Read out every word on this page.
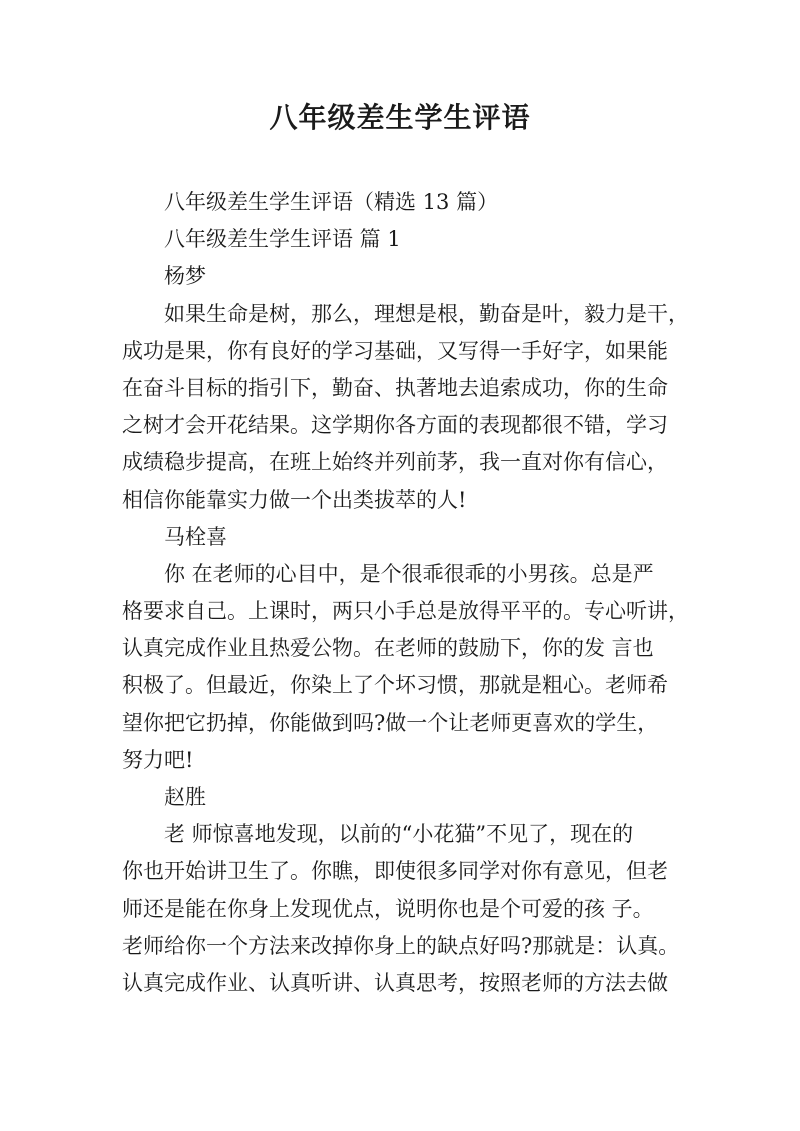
八年级差生学生评语
八年级差生学生评语（精选 13 篇）
八年级差生学生评语 篇 1
杨梦
如果生命是树，那么，理想是根，勤奋是叶，毅力是干，
成功是果，你有良好的学习基础，又写得一手好字，如果能
在奋斗目标的指引下，勤奋、执著地去追索成功，你的生命
之树才会开花结果。这学期你各方面的表现都很不错，学习
成绩稳步提高，在班上始终并列前茅，我一直对你有信心，
相信你能靠实力做一个出类拔萃的人!
马栓喜
你 在老师的心目中，是个很乖很乖的小男孩。总是严
格要求自己。上课时，两只小手总是放得平平的。专心听讲，
认真完成作业且热爱公物。在老师的鼓励下，你的发 言也
积极了。但最近，你染上了个坏习惯，那就是粗心。老师希
望你把它扔掉，你能做到吗?做一个让老师更喜欢的学生，
努力吧!
赵胜
老 师惊喜地发现，以前的“小花猫”不见了，现在的
你也开始讲卫生了。你瞧，即使很多同学对你有意见，但老
师还是能在你身上发现优点，说明你也是个可爱的孩 子。
老师给你一个方法来改掉你身上的缺点好吗?那就是：认真。
认真完成作业、认真听讲、认真思考，按照老师的方法去做
